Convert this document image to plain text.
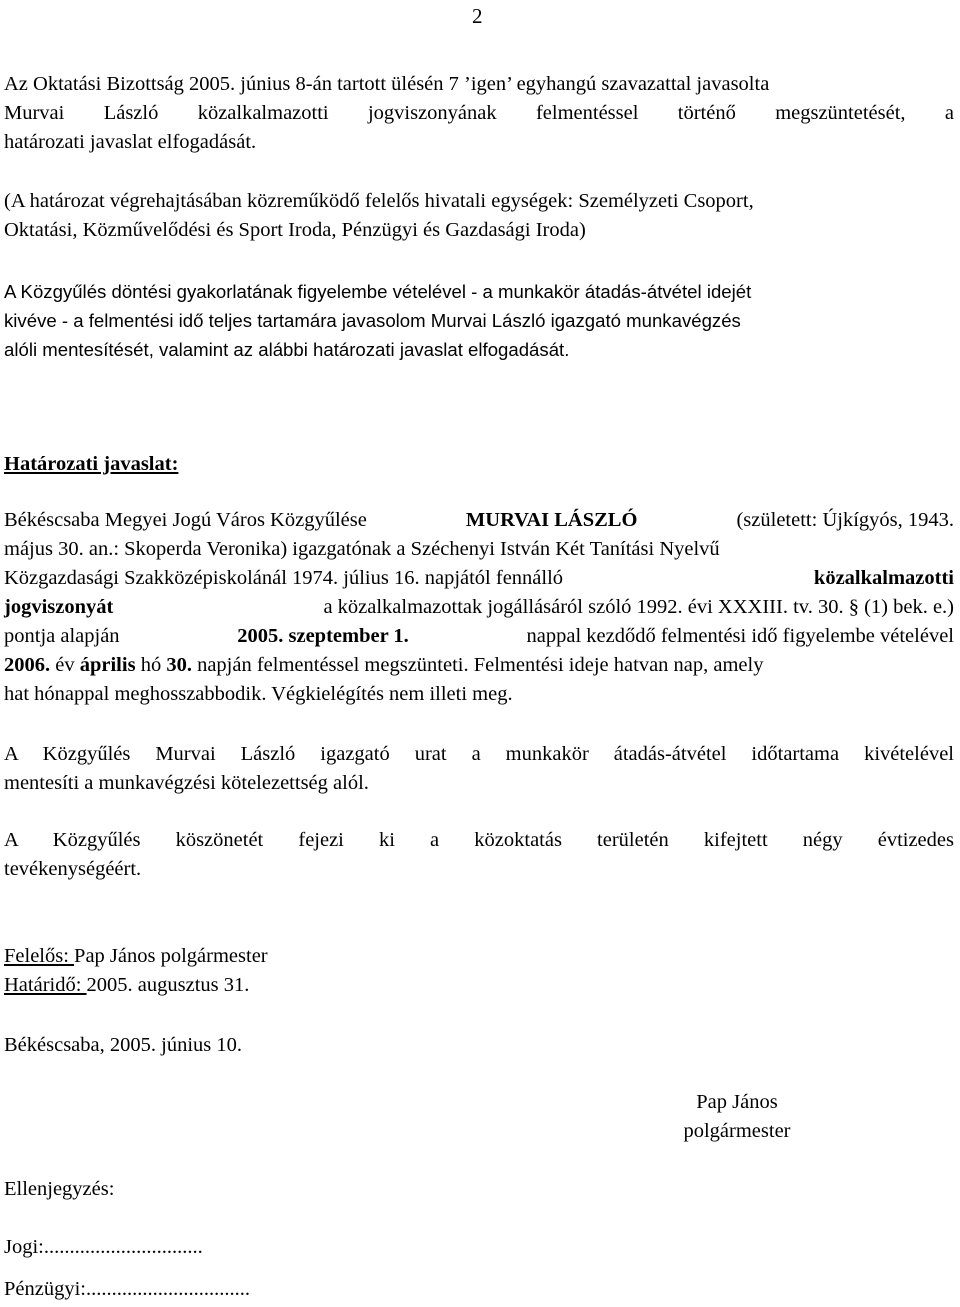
2
Az Oktatási Bizottság 2005. június 8-án tartott ülésén 7 ’igen’ egyhangú szavazattal javasolta
Murvai László közalkalmazotti jogviszonyának felmentéssel történő megszüntetését, a
határozati javaslat elfogadását.
(A határozat végrehajtásában közreműködő felelős hivatali egységek: Személyzeti Csoport,
Oktatási, Közművelődési és Sport Iroda, Pénzügyi és Gazdasági Iroda)
A Közgyűlés döntési gyakorlatának figyelembe vételével - a munkakör átadás-átvétel idejét
kivéve - a felmentési idő teljes tartamára javasolom Murvai László igazgató munkavégzés
alóli mentesítését, valamint az alábbi határozati javaslat elfogadását.
Határozati javaslat:
Békéscsaba Megyei Jogú Város Közgyűlése	MURVAI LÁSZLÓ	(született: Újkígyós, 1943.
május 30. an.: Skoperda Veronika) igazgatónak a Széchenyi István Két Tanítási Nyelvű
Közgazdasági Szakközépiskolánál 1974. július 16. napjától fennálló	közalkalmazotti
jogviszonyát	a közalkalmazottak jogállásáról szóló 1992. évi XXXIII. tv. 30. § (1) bek. e.)
pontja alapján	2005. szeptember 1.	nappal kezdődő felmentési idő figyelembe vételével
2006. év április hó 30. napján felmentéssel megszünteti. Felmentési ideje hatvan nap, amely
hat hónappal meghosszabbodik. Végkielégítés nem illeti meg.
A Közgyűlés Murvai László igazgató urat a munkakör átadás-átvétel időtartama kivételével
mentesíti a munkavégzési kötelezettség alól.
A Közgyűlés köszönetét fejezi ki a közoktatás területén kifejtett négy évtizedes
tevékenységéért.
Felelős: Pap János polgármester
Határidő: 2005. augusztus 31.
Békéscsaba, 2005. június 10.
Pap János
polgármester
Ellenjegyzés:
Jogi:...............................
Pénzügyi:................................
